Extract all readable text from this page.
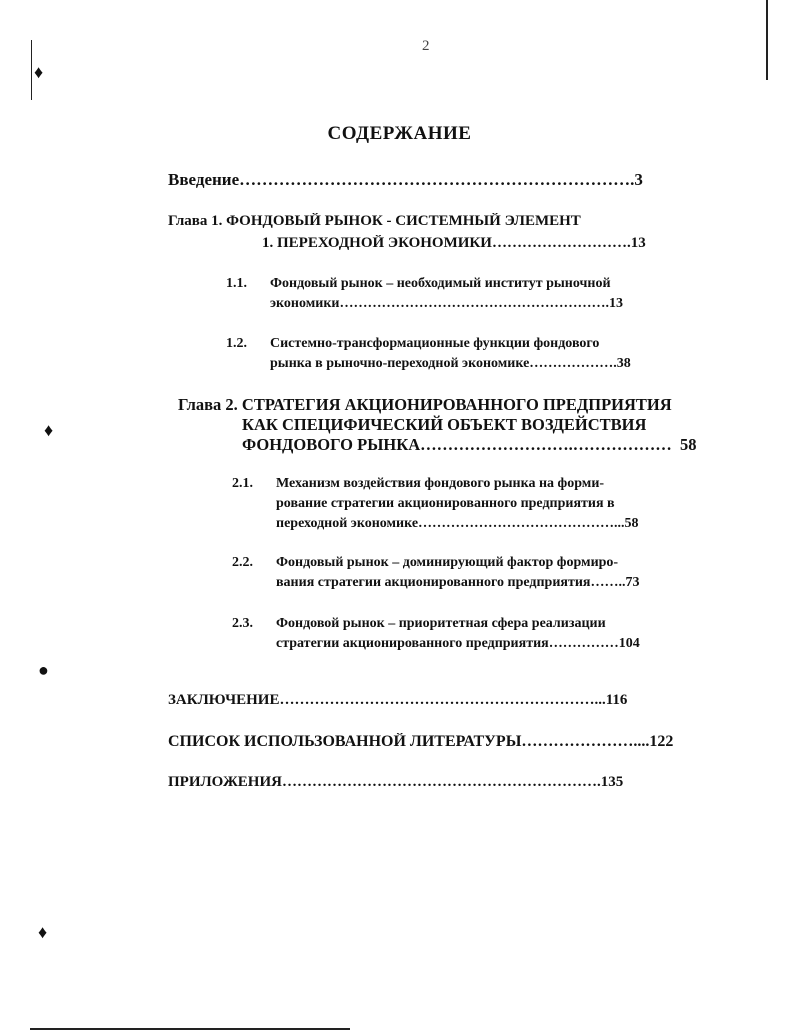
♦
♦
●
♦
2
СОДЕРЖАНИЕ
Введение…………………………………………………………….3
Глава 1. ФОНДОВЫЙ РЫНОК - СИСТЕМНЫЙ ЭЛЕМЕНТ
1. ПЕРЕХОДНОЙ ЭКОНОМИКИ……………………….13
1.1. Фондовый рынок – необходимый институт рыночной
экономики………………………………………………….13
1.2. Системно-трансформационные функции фондового
рынка в рыночно-переходной экономике……………….38
Глава 2. СТРАТЕГИЯ АКЦИОНИРОВАННОГО ПРЕДПРИЯТИЯ
КАК СПЕЦИФИЧЕСКИЙ ОБЪЕКТ ВОЗДЕЙСТВИЯ
ФОНДОВОГО РЫНКА……………………….……………… 58
2.1. Механизм воздействия фондового рынка на форми-
рование стратегии акционированного предприятия в
переходной экономике……………………………………...58
2.2. Фондовый рынок – доминирующий фактор формиро-
вания стратегии акционированного предприятия……..73
2.3. Фондовой рынок – приоритетная сфера реализации
стратегии акционированного предприятия……………104
ЗАКЛЮЧЕНИЕ………………………………………………………...116
СПИСОК ИСПОЛЬЗОВАННОЙ ЛИТЕРАТУРЫ…………………....122
ПРИЛОЖЕНИЯ……………………………………………………….135
